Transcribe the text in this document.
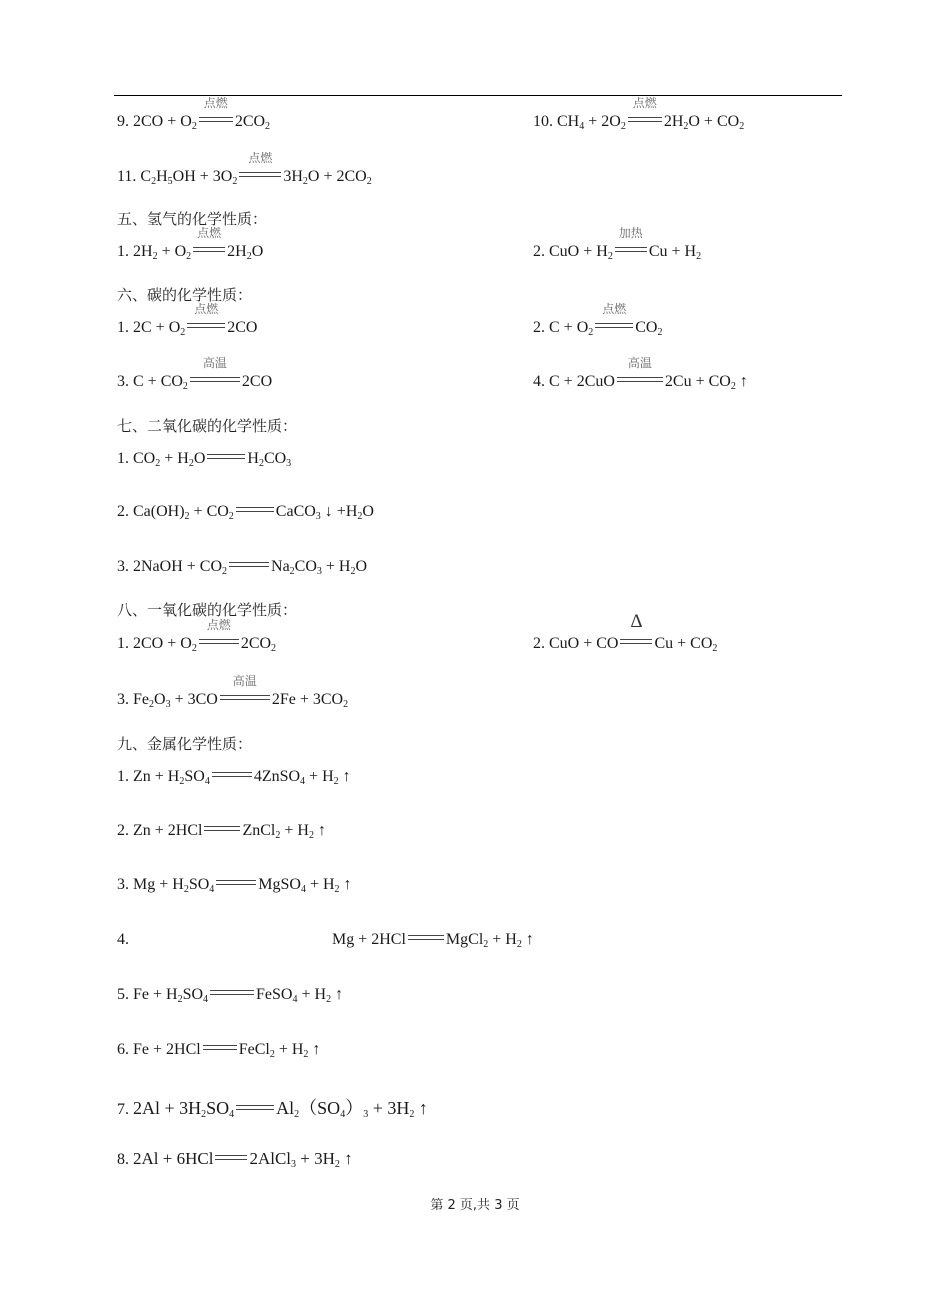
9. $2CO + O_2$
点燃
$2CO_2$	10. $CH_4 + 2O_2$
点燃
$2H_2O + CO_2$
11. $C_2H_5OH + 3O_2$
点燃
$3H_2O + 2CO_2$
五、氢气的化学性质：
1. $2H_2 + O_2$
点燃
$2H_2O$	2. CuO + $H_2$
加热
$Cu + H_2$
六、碳的化学性质：
1. $2C + O_2$
点燃
2CO	2. $C + O_2$
点燃
$CO_2$
3. $C + CO_2$
高温
2CO	4. C + 2CuO
高温
$2Cu + CO_2$ ↑
七、二氧化碳的化学性质：
1. $CO_2 + H_2O$	$H_2CO_3$
2. $Ca(OH)_2 + CO_2$	CaCO$_3$ ↓ $+H_2O$
3. 2NaOH + $CO_2$	$Na_2CO_3 + H_2O$
八、一氧化碳的化学性质：
1. $2CO + O_2$
点燃
$2CO_2$	2. CuO + CO
Δ
$Cu + CO_2$
3. $Fe_2O_3 + 3CO$
高温
$2Fe + 3CO_2$
九、金属化学性质：
1. $Zn + H_2SO_4$	4ZnSO$_4$ + $H_2$ ↑
2. Zn + 2HCl	ZnCl$_2$ + $H_2$ ↑
3. $Mg + H_2SO_4$	MgSO$_4$ + $H_2$ ↑
4.	Mg + 2HCl	MgCl$_2$ + $H_2$ ↑
5. $Fe + H_2SO_4$	FeSO$_4$ + $H_2$ ↑
6. Fe + 2HCl FeCl$_2$ + $H_2$ ↑
7. $2Al + 3H_2SO_4$ $Al_2(SO_4)_3 + 3H_2$ ↑
8. 2Al + 6HCl 2AlCl$_3$ + $3H_2$ ↑
第 2 页,共 3 页
